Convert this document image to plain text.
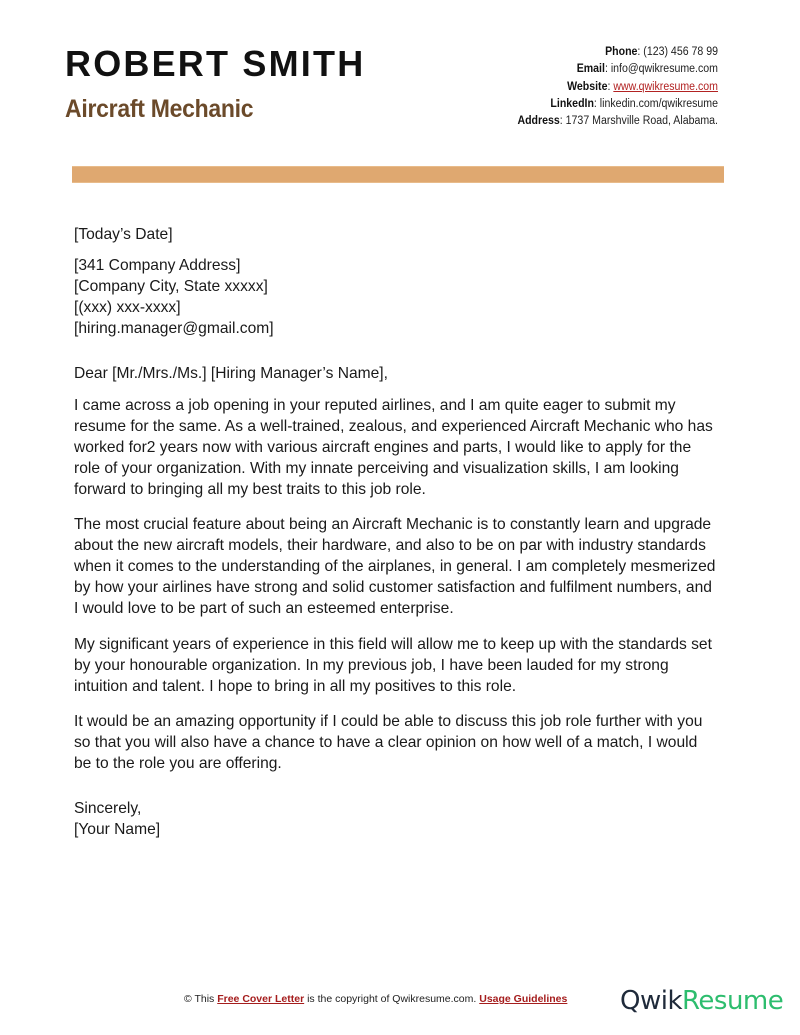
ROBERT SMITH
Aircraft Mechanic
Phone: (123) 456 78 99
Email: info@qwikresume.com
Website: www.qwikresume.com
LinkedIn: linkedin.com/qwikresume
Address: 1737 Marshville Road, Alabama.
[Today’s Date]
[341 Company Address]
[Company City, State xxxxx]
[(xxx) xxx-xxxx]
[hiring.manager@gmail.com]
Dear [Mr./Mrs./Ms.] [Hiring Manager’s Name],

I came across a job opening in your reputed airlines, and I am quite eager to submit my
resume for the same. As a well-trained, zealous, and experienced Aircraft Mechanic who has
worked for2 years now with various aircraft engines and parts, I would like to apply for the
role of your organization. With my innate perceiving and visualization skills, I am looking
forward to bringing all my best traits to this job role.

The most crucial feature about being an Aircraft Mechanic is to constantly learn and upgrade
about the new aircraft models, their hardware, and also to be on par with industry standards
when it comes to the understanding of the airplanes, in general. I am completely mesmerized
by how your airlines have strong and solid customer satisfaction and fulfilment numbers, and
I would love to be part of such an esteemed enterprise.

My significant years of experience in this field will allow me to keep up with the standards set
by your honourable organization. In my previous job, I have been lauded for my strong
intuition and talent. I hope to bring in all my positives to this role.

It would be an amazing opportunity if I could be able to discuss this job role further with you
so that you will also have a chance to have a clear opinion on how well of a match, I would
be to the role you are offering.

Sincerely,
[Your Name]
© This Free Cover Letter is the copyright of Qwikresume.com. Usage Guidelines QwikResume
